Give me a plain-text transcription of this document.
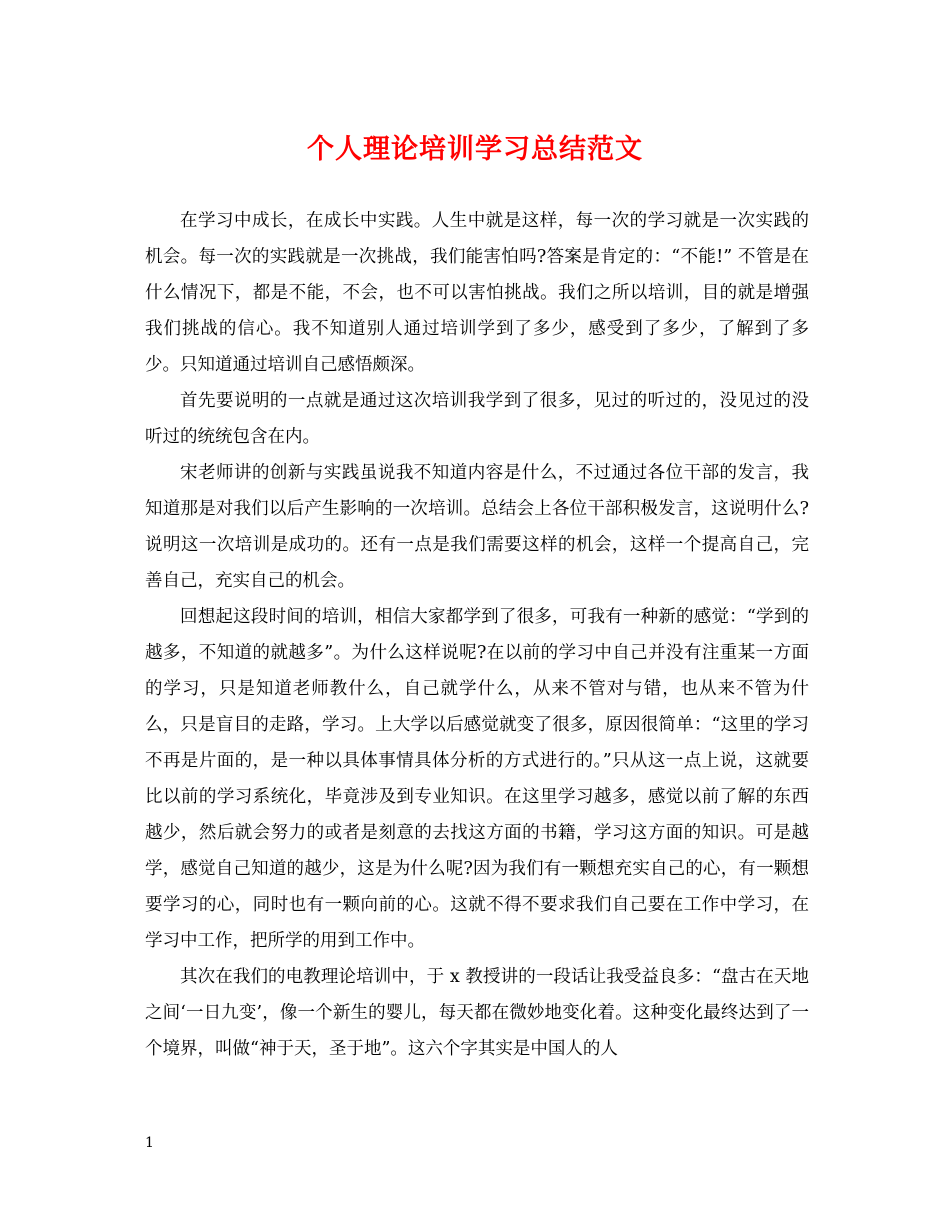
个人理论培训学习总结范文

在学习中成长，在成长中实践。人生中就是这样，每一次的学习就是一次实践的机会。每一次的实践就是一次挑战，我们能害怕吗?答案是肯定的：“不能!” 不管是在什么情况下，都是不能，不会，也不可以害怕挑战。我们之所以培训，目的就是增强我们挑战的信心。我不知道别人通过培训学到了多少，感受到了多少，了解到了多少。只知道通过培训自己感悟颇深。

首先要说明的一点就是通过这次培训我学到了很多，见过的听过的，没见过的没听过的统统包含在内。

宋老师讲的创新与实践虽说我不知道内容是什么，不过通过各位干部的发言，我知道那是对我们以后产生影响的一次培训。总结会上各位干部积极发言，这说明什么?说明这一次培训是成功的。还有一点是我们需要这样的机会，这样一个提高自己，完善自己，充实自己的机会。

回想起这段时间的培训，相信大家都学到了很多，可我有一种新的感觉：“学到的越多，不知道的就越多”。为什么这样说呢?在以前的学习中自己并没有注重某一方面的学习，只是知道老师教什么，自己就学什么，从来不管对与错，也从来不管为什么，只是盲目的走路，学习。上大学以后感觉就变了很多，原因很简单：“这里的学习不再是片面的，是一种以具体事情具体分析的方式进行的。”只从这一点上说，这就要比以前的学习系统化，毕竟涉及到专业知识。在这里学习越多，感觉以前了解的东西越少，然后就会努力的或者是刻意的去找这方面的书籍，学习这方面的知识。可是越学，感觉自己知道的越少，这是为什么呢?因为我们有一颗想充实自己的心，有一颗想要学习的心，同时也有一颗向前的心。这就不得不要求我们自己要在工作中学习，在学习中工作，把所学的用到工作中。

其次在我们的电教理论培训中，于 x 教授讲的一段话让我受益良多：“盘古在天地之间‘一日九变’，像一个新生的婴儿，每天都在微妙地变化着。这种变化最终达到了一个境界，叫做“神于天，圣于地”。这六个字其实是中国人的人

1
